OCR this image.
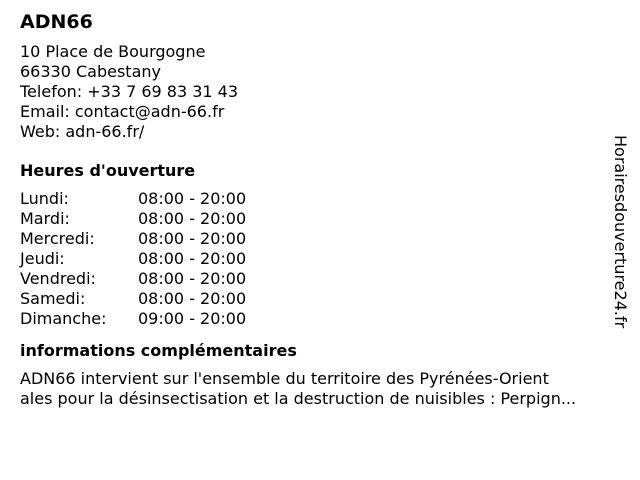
ADN66
10 Place de Bourgogne
66330 Cabestany
Telefon: +33 7 69 83 31 43
Email: contact@adn-66.fr
Web: adn-66.fr/
Heures d'ouverture
Lundi:	08:00 - 20:00
Mardi:	08:00 - 20:00
Mercredi:	08:00 - 20:00
Jeudi:	08:00 - 20:00
Vendredi:	08:00 - 20:00
Samedi:	08:00 - 20:00
Dimanche:	09:00 - 20:00
informations complémentaires
ADN66 intervient sur l'ensemble du territoire des Pyrénées-Orient
ales pour la désinsectisation et la destruction de nuisibles : Perpign...
Horairesdouverture24.fr
